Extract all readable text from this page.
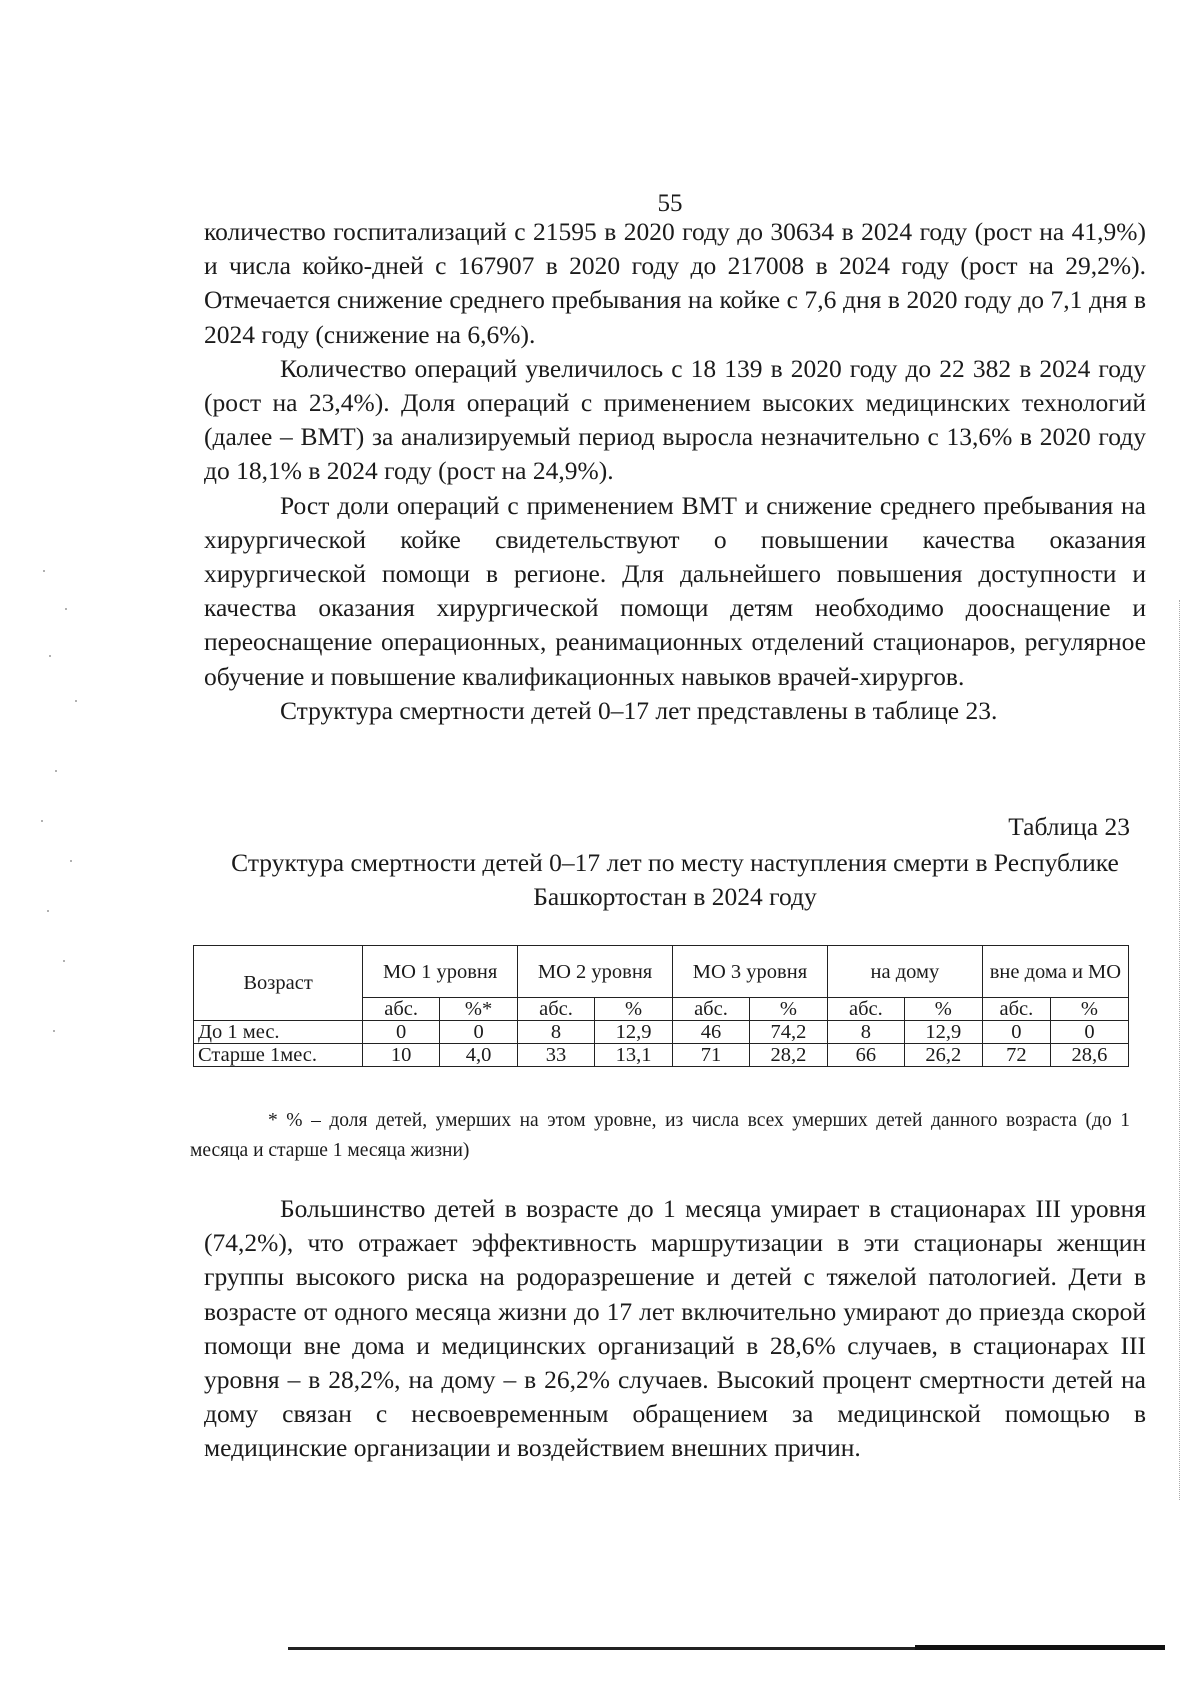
55

количество госпитализаций с 21595 в 2020 году до 30634 в 2024 году (рост на 41,9%) и числа койко-дней с 167907 в 2020 году до 217008 в 2024 году (рост на 29,2%). Отмечается снижение среднего пребывания на койке с 7,6 дня в 2020 году до 7,1 дня в 2024 году (снижение на 6,6%).

Количество операций увеличилось с 18 139 в 2020 году до 22 382 в 2024 году (рост на 23,4%). Доля операций с применением высоких медицинских технологий (далее – ВМТ) за анализируемый период выросла незначительно с 13,6% в 2020 году до 18,1% в 2024 году (рост на 24,9%).

Рост доли операций с применением ВМТ и снижение среднего пребывания на хирургической койке свидетельствуют о повышении качества оказания хирургической помощи в регионе. Для дальнейшего повышения доступности и качества оказания хирургической помощи детям необходимо дооснащение и переоснащение операционных, реанимационных отделений стационаров, регулярное обучение и повышение квалификационных навыков врачей-хирургов.

Структура смертности детей 0–17 лет представлены в таблице 23.

Таблица 23
Структура смертности детей 0–17 лет по месту наступления смерти в Республике Башкортостан в 2024 году
Возраст	МО 1 уровня		МО 2 уровня		МО 3 уровня		на дому		вне дома и МО	
	абс.	%*	абс.	%	абс.	%	абс.	%	абс.	%
До 1 мес.	0	0	8	12,9	46	74,2	8	12,9	0	0
Старше 1мес.	10	4,0	33	13,1	71	28,2	66	26,2	72	28,6
* % – доля детей, умерших на этом уровне, из числа всех умерших детей данного возраста (до 1 месяца и старше 1 месяца жизни)

Большинство детей в возрасте до 1 месяца умирает в стационарах III уровня (74,2%), что отражает эффективность маршрутизации в эти стационары женщин группы высокого риска на родоразрешение и детей с тяжелой патологией. Дети в возрасте от одного месяца жизни до 17 лет включительно умирают до приезда скорой помощи вне дома и медицинских организаций в 28,6% случаев, в стационарах III уровня – в 28,2%, на дому – в 26,2% случаев. Высокий процент смертности детей на дому связан с несвоевременным обращением за медицинской помощью в медицинские организации и воздействием внешних причин.
